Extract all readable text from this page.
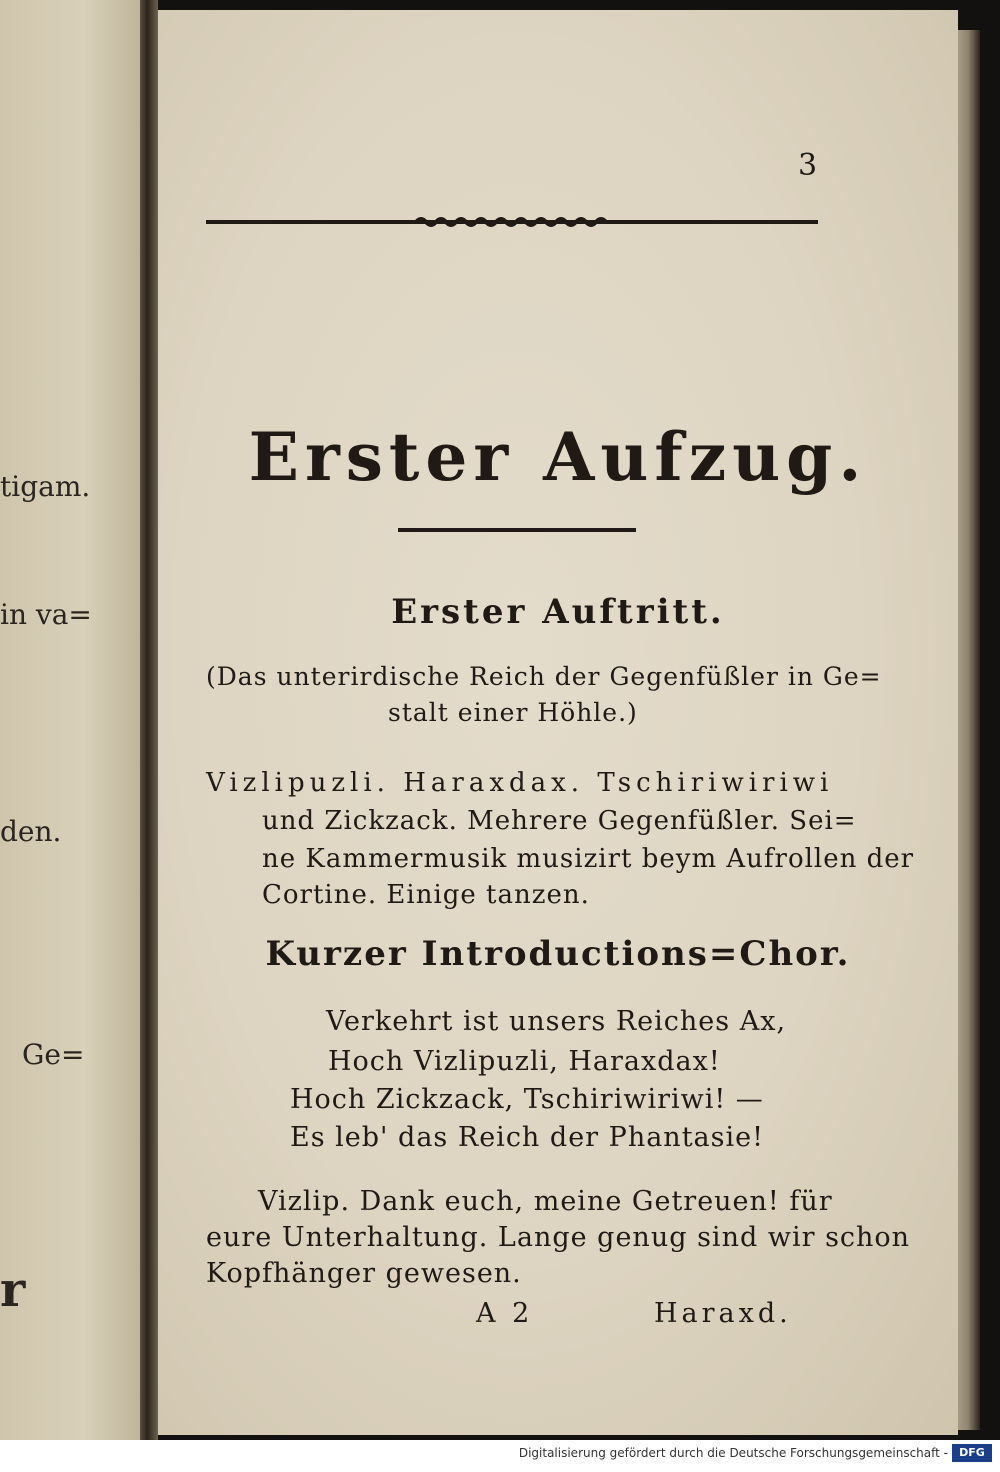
tigam.
in va=
den.
Ge=
r
3
Erster Aufzug.
Erster Auftritt.
(Das unterirdische Reich der Gegenfüßler in Ge=
stalt einer Höhle.)
Vizlipuzli. Haraxdax. Tschiriwiriwi
und Zickzack. Mehrere Gegenfüßler. Sei=
ne Kammermusik musizirt beym Aufrollen der
Cortine. Einige tanzen.
Kurzer Introductions=Chor.
Verkehrt ist unsers Reiches Ax,
Hoch Vizlipuzli, Haraxdax!
Hoch Zickzack, Tschiriwiriwi! —
Es leb' das Reich der Phantasie!
Vizlip. Dank euch, meine Getreuen! für
eure Unterhaltung. Lange genug sind wir schon
Kopfhänger gewesen.
A 2	Haraxd.
Digitalisierung gefördert durch die Deutsche Forschungsgemeinschaft -	DFG
